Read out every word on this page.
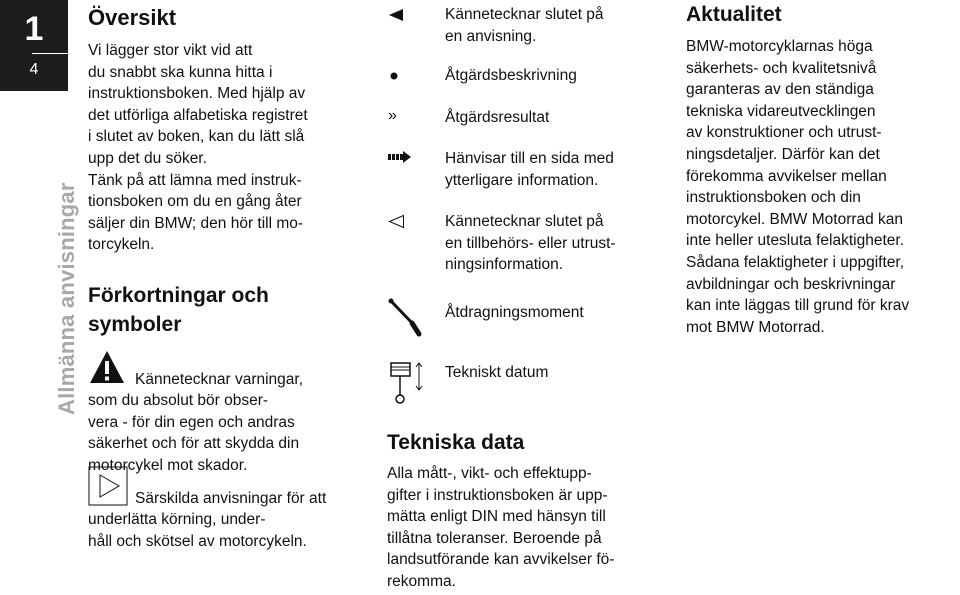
1
4
Allmänna anvisningar
Översikt
Vi lägger stor vikt vid att
du snabbt ska kunna hitta i
instruktionsboken. Med hjälp av
det utförliga alfabetiska registret
i slutet av boken, kan du lätt slå
upp det du söker.
Tänk på att lämna med instruk-
tionsboken om du en gång åter
säljer din BMW; den hör till mo-
torcykeln.
Förkortningar och
symboler

Kännetecknar varningar,
som du absolut bör obser-
vera - för din egen och andras
säkerhet och för att skydda din
motorcykel mot skador.

Särskilda anvisningar för att
underlätta körning, under-
håll och skötsel av motorcykeln.

Kännetecknar slutet på
en anvisning.
Åtgärdsbeskrivning
»	Åtgärdsresultat
Hänvisar till en sida med
ytterligare information.
Kännetecknar slutet på
en tillbehörs- eller utrust-
ningsinformation.
Åtdragningsmoment
Tekniskt datum
Tekniska data
Alla mått-, vikt- och effektupp-
gifter i instruktionsboken är upp-
mätta enligt DIN med hänsyn till
tillåtna toleranser. Beroende på
landsutförande kan avvikelser fö-
rekomma.
Aktualitet
BMW-motorcyklarnas höga
säkerhets- och kvalitetsnivå
garanteras av den ständiga
tekniska vidareutvecklingen
av konstruktioner och utrust-
ningsdetaljer. Därför kan det
förekomma avvikelser mellan
instruktionsboken och din
motorcykel. BMW Motorrad kan
inte heller utesluta felaktigheter.
Sådana felaktigheter i uppgifter,
avbildningar och beskrivningar
kan inte läggas till grund för krav
mot BMW Motorrad.
